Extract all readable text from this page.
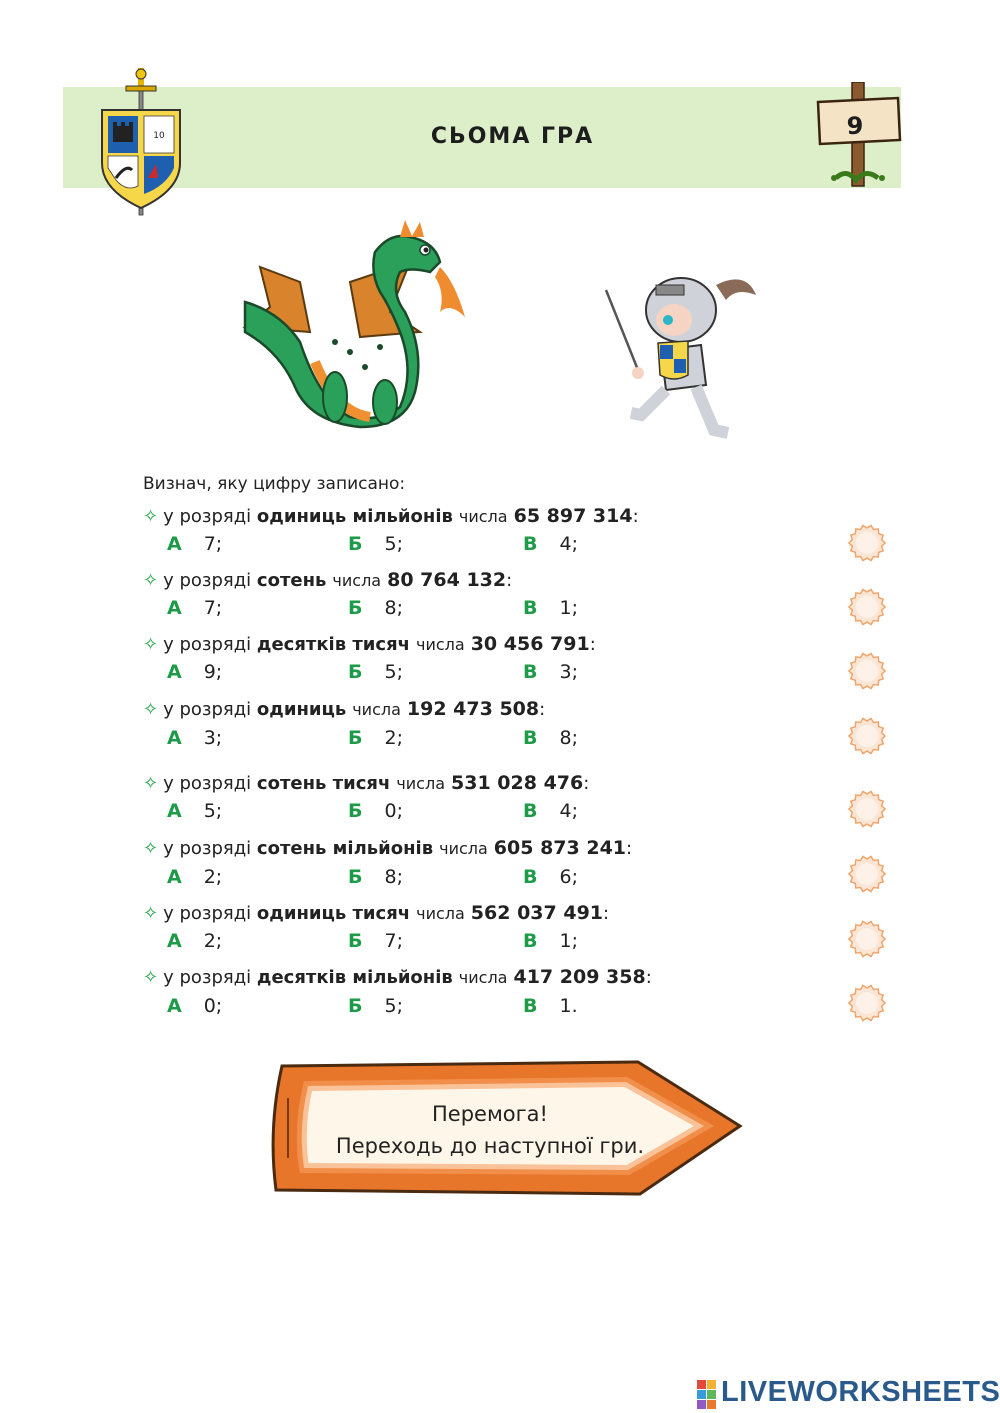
СЬОМА ГРА
10	9
Визнач, яку цифру записано:
✧ у розряді одиниць мільйонів числа 65 897 314:
А 7;	Б 5;	В 4;
✧ у розряді сотень числа 80 764 132:
А 7;	Б 8;	В 1;
✧ у розряді десятків тисяч числа 30 456 791:
А 9;	Б 5;	В 3;
✧ у розряді одиниць числа 192 473 508:
А 3;	Б 2;	В 8;
✧ у розряді сотень тисяч числа 531 028 476:
А 5;	Б 0;	В 4;
✧ у розряді сотень мільйонів числа 605 873 241:
А 2;	Б 8;	В 6;
✧ у розряді одиниць тисяч числа 562 037 491:
А 2;	Б 7;	В 1;
✧ у розряді десятків мільйонів числа 417 209 358:
А 0;	Б 5;	В 1.
Перемога!
Переходь до наступної гри.
LIVEWORKSHEETS
